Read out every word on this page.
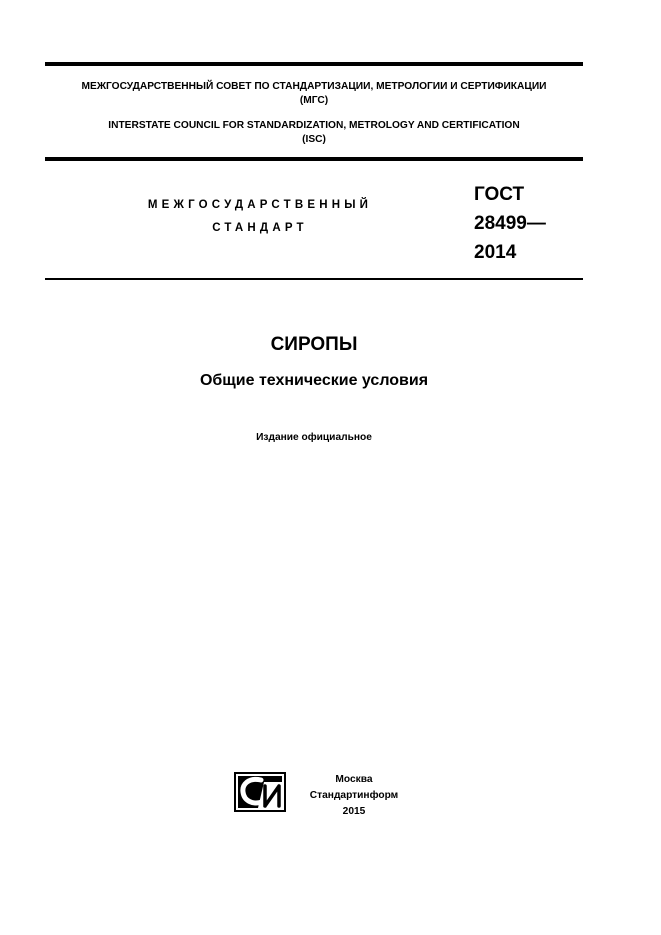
МЕЖГОСУДАРСТВЕННЫЙ СОВЕТ ПО СТАНДАРТИЗАЦИИ, МЕТРОЛОГИИ И СЕРТИФИКАЦИИ
(МГС)
INTERSTATE COUNCIL FOR STANDARDIZATION, METROLOGY AND CERTIFICATION
(ISC)
МЕЖГОСУДАРСТВЕННЫЙ
СТАНДАРТ
ГОСТ
28499—
2014
СИРОПЫ
Общие технические условия
Издание официальное
Москва
Стандартинформ
2015
